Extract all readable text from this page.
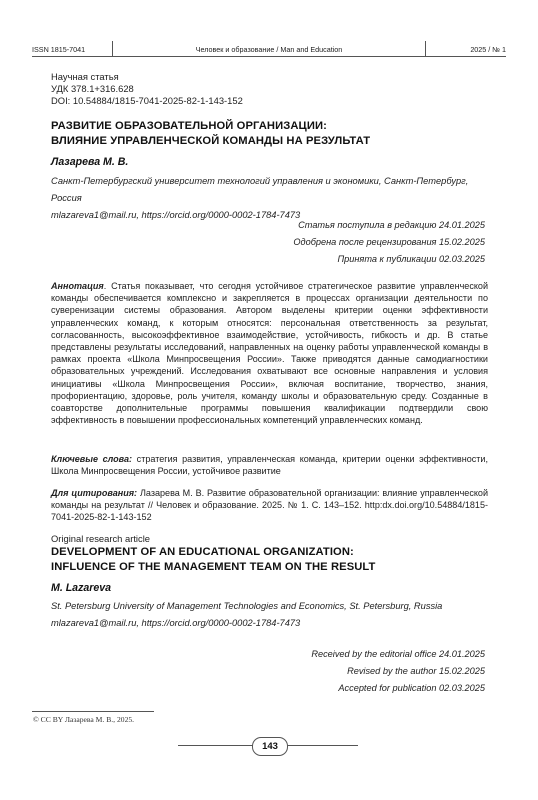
ISSN 1815-7041	Человек и образование / Man and Education	2025 / № 1
Научная статья
УДК 378.1+316.628
DOI: 10.54884/1815-7041-2025-82-1-143-152
РАЗВИТИЕ ОБРАЗОВАТЕЛЬНОЙ ОРГАНИЗАЦИИ:
ВЛИЯНИЕ УПРАВЛЕНЧЕСКОЙ КОМАНДЫ НА РЕЗУЛЬТАТ
Лазарева М. В.
Санкт-Петербургский университет технологий управления и экономики, Санкт-Петербург, Россия
mlazareva1@mail.ru, https://orcid.org/0000-0002-1784-7473
Статья поступила в редакцию 24.01.2025
Одобрена после рецензирования 15.02.2025
Принята к публикации 02.03.2025
Аннотация. Статья показывает, что сегодня устойчивое стратегическое развитие управленческой команды обеспечивается комплексно и закрепляется в процессах организации деятельности по суверенизации системы образования. Автором выделены критерии оценки эффективности управленческих команд, к которым относятся: персональная ответственность за результат, согласованность, высокоэффективное взаимодействие, устойчивость, гибкость и др. В статье представлены результаты исследований, направленных на оценку работы управленческой команды в рамках проекта «Школа Минпросвещения России». Также приводятся данные самодиагностики образовательных учреждений. Исследования охватывают все основные направления и условия инициативы «Школа Минпросвещения России», включая воспитание, творчество, знания, профориентацию, здоровье, роль учителя, команду школы и образовательную среду. Созданные в соавторстве дополнительные программы повышения квалификации подтвердили свою эффективность в повышении профессиональных компетенций управленческих команд.
Ключевые слова: стратегия развития, управленческая команда, критерии оценки эффективности, Школа Минпросвещения России, устойчивое развитие
Для цитирования: Лазарева М. В. Развитие образовательной организации: влияние управленческой команды на результат // Человек и образование. 2025. № 1. С. 143–152. http:dx.doi.org/10.54884/1815-7041-2025-82-1-143-152
Original research article
DEVELOPMENT OF AN EDUCATIONAL ORGANIZATION:
INFLUENCE OF THE MANAGEMENT TEAM ON THE RESULT
M. Lazareva
St. Petersburg University of Management Technologies and Economics, St. Petersburg, Russia
mlazareva1@mail.ru, https://orcid.org/0000-0002-1784-7473
Received by the editorial office 24.01.2025
Revised by the author 15.02.2025
Accepted for publication 02.03.2025
© CC BY Лазарева М. В., 2025.
143
